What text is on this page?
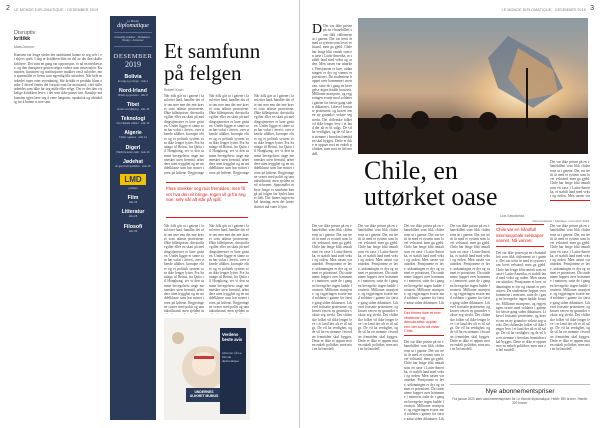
LE MONDE DIPLOMATIQUE · DESEMBER 2019
2
Disruptiv
kritikk
Mats Dumon
Kunsten var lenge stedet der samfunnet kunne se seg selv i et skjevt speil. I dag er kritikken blitt en del av det den skulle kritisere. Det som en gang var opposisjon, er nå en merkevare, og den disruptive gesten selges videre som innovasjon. Kunstnere, kuratorer og institusjoner snakker om å utfordre, men spørsmålet er hvem som egentlig blir utfordret. Når hele markedet roper etter nytenkning, blir kritikk et produkt blant andre. Likevel finnes det fortsatt rom for motstand, i det stille arbeidet som ikke lar seg måle eller selge. Det er der den virkelige kritikken lever, i det som ikke passer inn. Kanskje må kunsten igjen lære seg å være langsom, upraktisk og ubrukelig for å kunne si noe sant.
Le Monde
diplomatique
Ansvarlig redaktør · Redaksjon · Design · Annonser
DESEMBER
2019
Bolivia
Et valg og et kupp · side 4
Nord-Irland
Brexit og grensen · side 8
Tibet
Under overvåkning · side 10
Teknologi
Den digitale vakten · side 12
Algerie
Folket i gatene · side 14
Digerl
Plattformenes makt · side 16
Jødehat
Et gammelt spøkelse · side 18
LMD
podkast
Film
side 26
Litteratur
side 28
Filosofi
side 30
Et samfunn
på felgen
Robert Koch
Når folk går ut i gatene i land etter land, handler det ofte om mer enn det ene kravet som utløste protestene. Økte billettpriser, drivstoffavgifter eller en skatt på meldingstjenester er bare gnisten. Under ligger et sinne som har vokst i årevis, over økende ulikhet, korrupte eliter og et politisk system som ikke lenger lytter. Fra Santiago til Beirut, fra Quito til Hongkong, ser vi den samme bevegelsen: unge mennesker uten fremtid, arbeidere uten trygghet og en middelklasse som har mistet troen på løftene. Regjeringe
Når folk går ut i gatene i land etter land, handler det ofte om mer enn det ene kravet som utløste protestene. Økte billettpriser, drivstoffavgifter eller en skatt på meldingstjenester er bare gnisten. Under ligger et sinne som har vokst i årevis, over økende ulikhet, korrupte eliter og et politisk system som ikke lenger lytter. Fra Santiago til Beirut, fra Quito til Hongkong, ser vi den samme bevegelsen: unge mennesker uten fremtid, arbeidere uten trygghet og en middelklasse som har mistet troen på løftene. Regjeringe
Når folk går ut i gatene i land etter land, handler det ofte om mer enn det ene kravet som utløste protestene. Økte billettpriser, drivstoffavgifter eller en skatt på meldingstjenester er bare gnisten. Under ligger et sinne som har vokst i årevis, over økende ulikhet, korrupte eliter og et politisk system som ikke lenger lytter. Fra Santiago til Beirut, fra Quito til Hongkong, ser vi den samme bevegelsen: unge mennesker uten fremtid, arbeidere uten trygghet og en middelklasse som har mistet troen på løftene. Regjeringene svarer med politi og unntakstilstand, men sjelden med reformer. Spørsmålet er hvor lenge et samfunn kan gå på felgen før hjulet løsner helt. Det finnes ingen enkel løsning, men det første skrittet må være å lytte.
Flere strekker seg mot fremtiden, men få vet hva den vil bringe. Ingen vil gi fra seg noe, selv når alt står på spill.
Når folk går ut i gatene i land etter land, handler det ofte om mer enn det ene kravet som utløste protestene. Økte billettpriser, drivstoffavgifter eller en skatt på meldingstjenester er bare gnisten. Under ligger et sinne som har vokst i årevis, over økende ulikhet, korrupte eliter og et politisk system som ikke lenger lytter. Fra Santiago til Beirut, fra Quito til Hongkong, ser vi den samme bevegelsen: unge mennesker uten fremtid, arbeidere uten trygghet og en middelklasse som har mistet troen på løftene. Regjeringene svarer med politi og unntakstilstand, men sjelden m
Når folk går ut i gatene i land etter land, handler det ofte om mer enn det ene kravet som utløste protestene. Økte billettpriser, drivstoffavgifter eller en skatt på meldingstjenester er bare gnisten. Under ligger et sinne som har vokst i årevis, over økende ulikhet, korrupte eliter og et politisk system som ikke lenger lytter. Fra Santiago til Beirut, fra Quito til Hongkong, ser vi den samme bevegelsen: unge mennesker uten fremtid, arbeidere uten trygghet og en middelklasse som har mistet troen på løftene. Regjeringene svarer med politi og unntakstilstand, men sjelden m
UNDERNES ULIKHET MUMUS
Verdens beste avis
Abonner på Le Monde diplomatique
LE MONDE DIPLOMATIQUE · DESEMBER 2019 3
D Det var ikke prisen på en t-banebillett som fikk chilenerne ut i gatene. Det var tretti år med et system som lovet velstand, men ga gjeld. Chile har lenge blitt omtalt som en oase i Latin-Amerika, et stabilt land med vekst og orden. Men oasen var uttørket. Pensjonene er lave, utdanningen er dyr og vannet er privatisert. Da studentene hoppet over bommene i metroen, satte de i gang en bevegelse ingen hadde forutsett. Millioner marsjerte, og regjeringen svarte med soldater i gatene for første gang siden diktaturet. Likevel fortsatte protestene, og kravet om en ny grunnlov vokste seg sterkt. Det chilenske folket vil ikke lenger leve i et land der alt er til salgs. De vil ha verdighet, og de vil ha en stemme i hvordan fremtiden skal bygges. Dette er ikke et opprør mot en enkelt politiker, men mot en hel modell.
Chile, en
uttørket oase
Luis Sepúlveda
Demonstranter i Santiago, november 2019.
Det var ikke prisen på en t-banebillett som fikk chilenerne ut i gatene. Det var tretti år med et system som lovet velstand, men ga gjeld. Chile har lenge blitt omtalt som en oase i Latin-Amerika, et stabilt land med vekst og orden. Men oasen var uttørket. Pensjonene er lave, utdanningen er dyr og vannet er privatisert. Da studentene hoppet over bommene i metroen, satte de i gang en bevegelse ingen hadde forutsett. Millioner marsjerte, og regjeringen svarte med soldater i gatene for første gang siden diktaturet. Likevel fortsatte protestene, og kravet om en ny grunnlov vokste seg sterkt. Det chilenske folket vil ikke lenger leve i et land der alt er til salgs. De vil ha verdighet, og de vil ha en stemme i hvordan fremtiden skal bygges. Dette er ikke et opprør mot en enkelt politiker, men mot en hel modell.
Det var ikke prisen på en t-banebillett som fikk chilenerne ut i gatene. Det var tretti år med et system som lovet velstand, men ga gjeld. Chile har lenge blitt omtalt som en oase i Latin-Amerika, et stabilt land med vekst og orden. Men oasen var uttørket. Pensjonene er lave, utdanningen er dyr og vannet er privatisert. Da studentene hoppet over bommene i metroen, satte de i gang en bevegelse ingen hadde forutsett. Millioner marsjerte, og regjeringen svarte med soldater i gatene for første gang siden diktaturet. Likevel fortsatte protestene, og kravet om en ny grunnlov vokste seg sterkt. Det chilenske folket vil ikke lenger leve i et land der alt er til salgs. De vil ha verdighet, og de vil ha en stemme i hvordan fremtiden skal bygges. Dette er ikke et opprør mot en enkelt politiker, men mot en hel modell.
Det var ikke prisen på en t-banebillett som fikk chilenerne ut i gatene. Det var tretti år med et system som lovet velstand, men ga gjeld. Chile har lenge blitt omtalt som en oase i Latin-Amerika, et stabilt land med vekst og orden. Men oasen var uttørket. Pensjonene er lave, utdanningen er dyr og vannet er privatisert. Da studentene hoppet over bommene i metroen, satte de i gang en bevegelse ingen hadde forutsett. Millioner marsjerte, og regjeringen svarte med soldater i gatene for første gang siden diktaturet. Lik
Det finnes ikke et mer ventende og demokratisk opprør enn det som nå rister Chile.
Det var ikke prisen på en t-banebillett som fikk chilenerne ut i gatene. Det var tretti år med et system som lovet velstand, men ga gjeld. Chile har lenge blitt omtalt som en oase i Latin-Amerika, et stabilt land med vekst og orden. Men oasen var uttørket. Pensjonene er lave, utdanningen er dyr og vannet er privatisert. Da studentene hoppet over bommene i metroen, satte de i gang en bevegelse ingen hadde forutsett. Millioner marsjerte, og regjeringen svarte med soldater i gatene for første gang siden diktaturet. Lik
Det var ikke prisen på en t-banebillett som fikk chilenerne ut i gatene. Det var tretti år med et system som lovet velstand, men ga gjeld. Chile har lenge blitt omtalt som en oase i Latin-Amerika, et stabilt land med vekst og orden. Men oasen var uttørket. Pensjonene er lave, utdanningen er dyr og vannet er privatisert. Da studentene hoppet over bommene i metroen, satte de i gang en bevegelse ingen hadde forutsett. Millioner marsjerte, og regjeringen svarte med soldater i gatene for første gang siden diktaturet. Likevel fortsatte protestene, og kravet om en ny grunnlov vokste seg sterkt. Det chilenske folket vil ikke lenger leve i et land der alt er til salgs. De vil ha verdighet, og de vil ha en stemme i hvordan fremtiden skal bygges. Dette er ikke et opprør mot en enkelt politiker, men mot en hel modell.
Det var ikke prisen på en t-banebillett som fikk chilenerne ut i gatene. Det var tretti år med et system som lovet velstand, men ga gjeld. Chile har lenge blitt omtalt som en oase i Latin-Amerika, et stabilt land med vekst og orden. Men oasen var
Det var ikke prisen på en t-banebillett som fikk chilenerne ut i gatene. Det var tretti år med et system som lovet velstand, men ga gjeld. Chile har lenge blitt omtalt som en oase i Latin-Amerika, et stabilt land med vekst og orden. Men oasen var uttørket. Pensjonene er lave, utdanningen er dyr og vannet er privatisert. Da studentene hoppet over bommene i metroen, satte de i gang en bevegelse ingen hadde forutsett. Millioner marsjerte, og regjeringen svarte med soldater i gatene for første gang siden diktaturet. Likevel fortsatte protestene, og kravet om en ny grunnlov vokste seg sterkt. Det chilenske folket vil ikke lenger leve i et land der alt er til salgs. De vil ha verdighet, og de vil ha en stemme i hvordan fremtiden skal bygges. Dette er ikke et opprør mot en enkelt politiker, men mot en hel modell.
Chile var en håndfull internasjonale selskaper vannet. Nå vannet.
Det var ikke prisen på en t-banebillett som fikk chilenerne ut i gatene. Det var tretti år med et system som lovet velstand, men ga gjeld. Chile har lenge blitt omtalt som en oase i Latin-Amerika, et stabilt land med vekst og orden. Men oasen var uttørket. Pensjonene er lave, utdanningen er dyr og vannet er privatisert. Da studentene hoppet over bommene i metroen, satte de i gang en bevegelse ingen hadde forutsett. Millioner marsjerte, og regjeringen svarte med soldater i gatene for første gang siden diktaturet. Likevel fortsatte protestene, og kravet om en ny grunnlov vokste seg sterkt. Det chilenske folket vil ikke lenger leve i et land der alt er til salgs. De vil ha verdighet, og de vil ha en stemme i hvordan fremtiden skal bygges. Dette er ikke et opprør mot en enkelt politiker, men mot en hel modell.
Nye abonnementspriser
Fra januar 2020 øker abonnementsprisen for Le Monde diplomatique. Helår: 590 kroner. Halvår: 320 kroner.
